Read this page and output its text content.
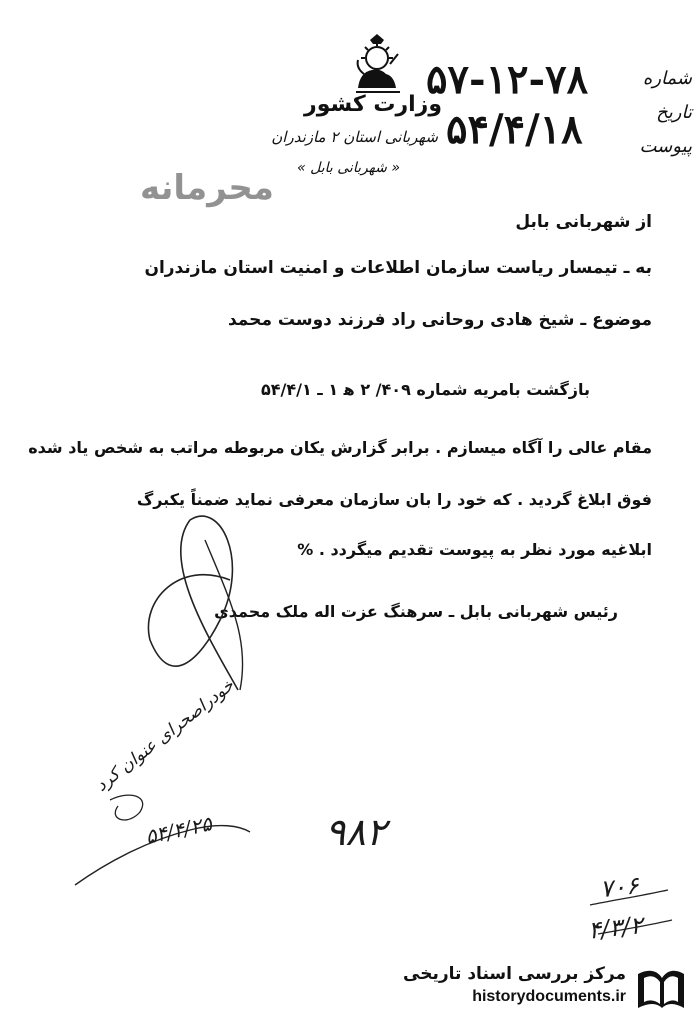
وزارت کشور
شهربانی استان ۲ مازندران
« شهربانی بابل »
محرمانه
شماره
تاریخ
پیوست
۵۷-۱۲-۷۸
۵۴/۴/۱۸
از شهربانی بابل
به ـ تیمسار ریاست سازمان اطلاعات و امنیت استان مازندران
موضوع ـ شیخ هادی روحانی راد فرزند دوست محمد
بازگشت بامریه شماره ۴۰۹/ ۲ ه‍ ۱ ـ ۵۴/۴/۱
مقام عالی را آگاه میسازم . برابر گزارش یکان مربوطه مراتب به شخص یاد شده
فوق ابلاغ گردید . که خود را بان سازمان معرفی نماید ضمناً یکبرگ
ابلاغیه مورد نظر به پیوست تقدیم میگردد . %
رئیس شهربانی بابل ـ سرهنگ عزت اله ملک محمدی
خودراصحرای عنوان کرد
۵۴/۴/۲۵	۹۸۲
۷۰۶
۴/۳/۲
مرکز بررسی اسناد تاریخی
historydocuments.ir
